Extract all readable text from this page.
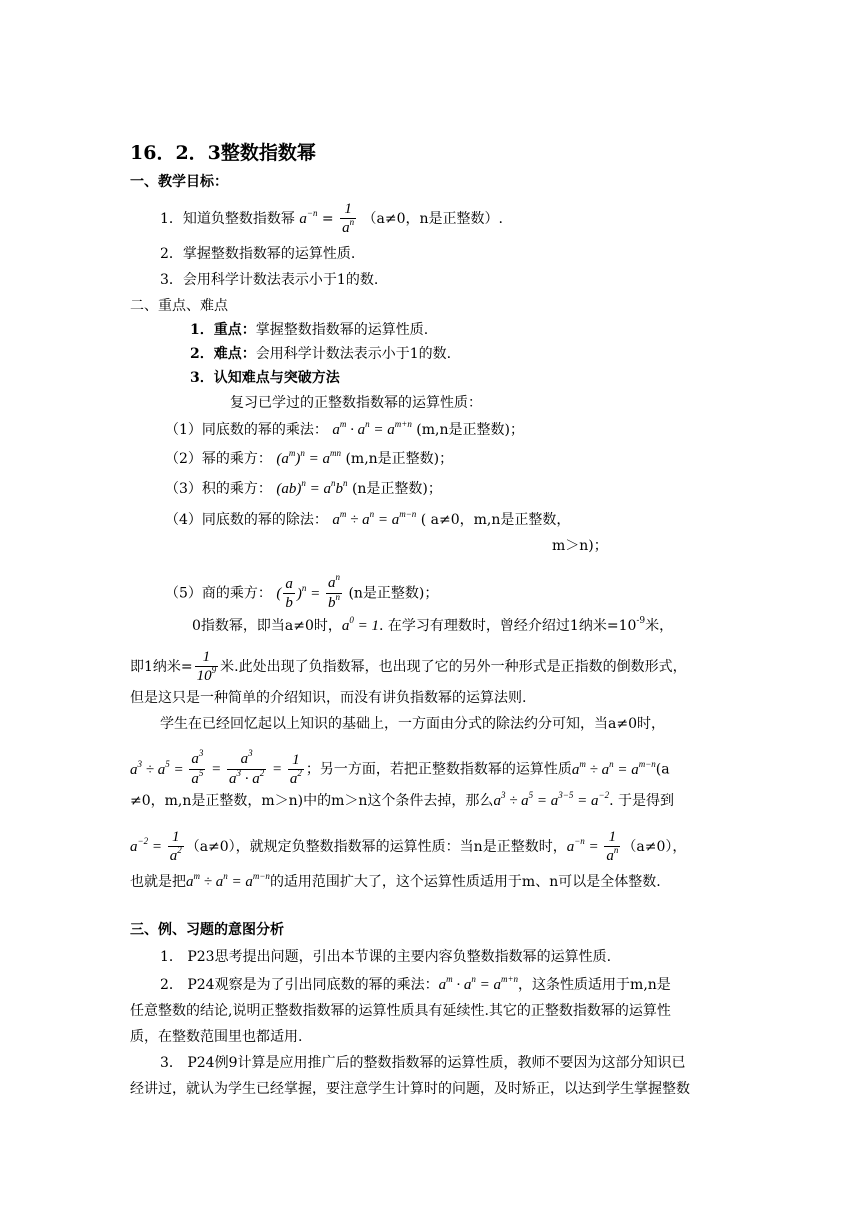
16．2．3整数指数幂
一、教学目标：
1．知道负整数指数幂 $a^{-n} = \frac{1}{a^n} (a\ne 0$，n是正整数）.
2．掌握整数指数幂的运算性质.
3．会用科学计数法表示小于1的数.
二、重点、难点
1．重点：掌握整数指数幂的运算性质.
2．难点：会用科学计数法表示小于1的数.
3．认知难点与突破方法
复习已学过的正整数指数幂的运算性质：
（1）同底数的幂的乘法： $a^m \cdot a^n = a^{m+n}$ (m,n是正整数)；
（2）幂的乘方： $(a^m)^n = a^{mn}$ (m,n是正整数)；
（3）积的乘方： $(ab)^n = a^nb^n$ (n是正整数)；
（4）同底数的幂的除法： $a^m \div a^n = a^{m-n}$ ( a≠0，m,n是正整数，
m＞n)；
（5）商的乘方： ( $\frac{a}{b} )^n = \frac{a^n}{b^n} (n$是正整数)；
0指数幂，即当a≠0时，$a^0 = 1$. 在学习有理数时，曾经介绍过1纳米$=10^{-9}$米，
即1纳米= $\frac{1}{10^9}$ 米.此处出现了负指数幂，也出现了它的另外一种形式是正指数的倒数形式，
但是这只是一种简单的介绍知识，而没有讲负指数幂的运算法则.
学生在已经回忆起以上知识的基础上，一方面由分式的除法约分可知，当a≠0时，
$a^3 \div a^5 = \frac{a^3}{a^5} = \frac{a^3}{a^3 \cdot a^2} = \frac{1}{a^2}$ ；另一方面，若把正整数指数幂的运算性质$a^m \div a^n = a^{m-n}(a$
≠0，m,n是正整数，m＞n)中的m＞n这个条件去掉，那么$a^3 \div a^5 = a^{3-5} = a^{-2}$. 于是得到
$a^{-2} = \frac{1}{a^2} (a\ne 0)$，就规定负整数指数幂的运算性质：当n是正整数时，$a^{-n} = \frac{1}{a^n} (a\ne 0)$，
也就是把$a^m \div a^n = a^{m-n}$的适用范围扩大了，这个运算性质适用于m、n可以是全体整数.
三、例、习题的意图分析
1． P23思考提出问题，引出本节课的主要内容负整数指数幂的运算性质.
2． P24观察是为了引出同底数的幂的乘法：$a^m \cdot a^n = a^{m+n}$，这条性质适用于m,n是
任意整数的结论,说明正整数指数幂的运算性质具有延续性.其它的正整数指数幂的运算性
质，在整数范围里也都适用.
3． P24例9计算是应用推广后的整数指数幂的运算性质，教师不要因为这部分知识已
经讲过，就认为学生已经掌握，要注意学生计算时的问题，及时矫正，以达到学生掌握整数
